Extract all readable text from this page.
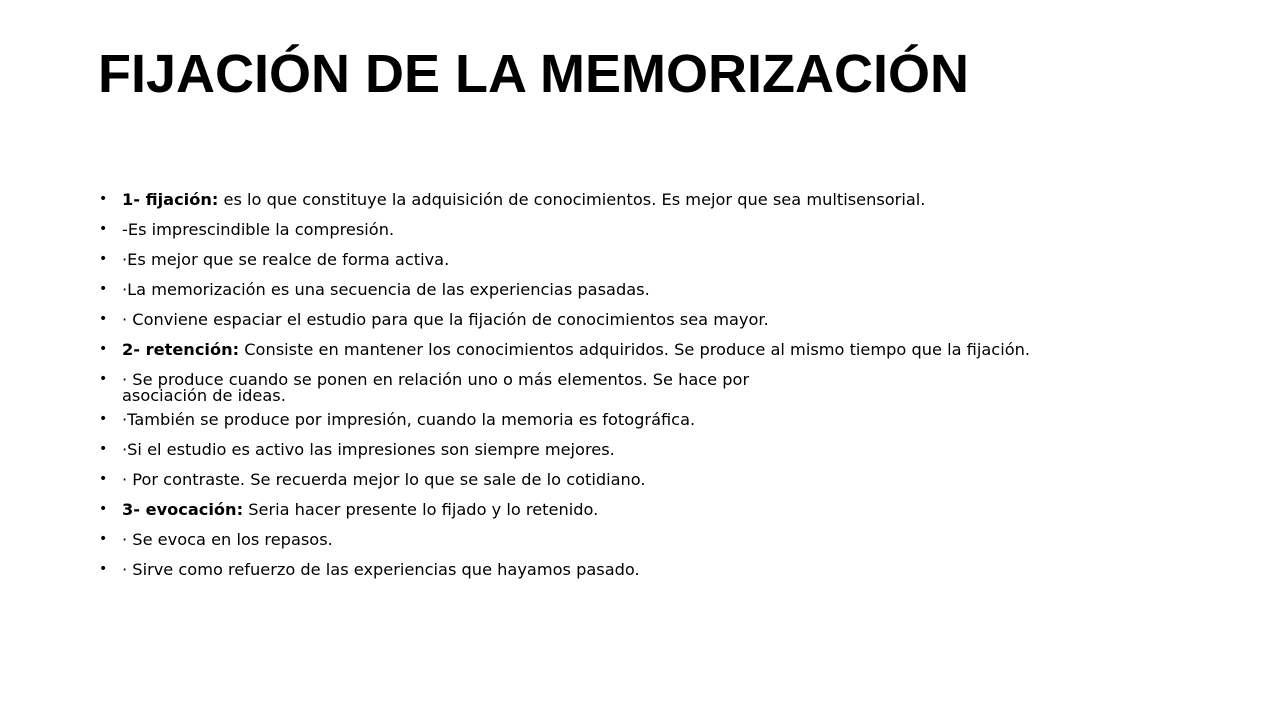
FIJACIÓN DE LA MEMORIZACIÓN
• 1- fijación: es lo que constituye la adquisición de conocimientos. Es mejor que sea multisensorial.
• -Es imprescindible la compresión.
• ·Es mejor que se realce de forma activa.
• ·La memorización es una secuencia de las experiencias pasadas.
• · Conviene espaciar el estudio para que la fijación de conocimientos sea mayor.
• 2- retención: Consiste en mantener los conocimientos adquiridos. Se produce al mismo tiempo que la fijación.
• · Se produce cuando se ponen en relación uno o más elementos. Se hace por
asociación de ideas.
• ·También se produce por impresión, cuando la memoria es fotográfica.
• ·Si el estudio es activo las impresiones son siempre mejores.
• · Por contraste. Se recuerda mejor lo que se sale de lo cotidiano.
• 3- evocación: Seria hacer presente lo fijado y lo retenido.
• · Se evoca en los repasos.
• · Sirve como refuerzo de las experiencias que hayamos pasado.
